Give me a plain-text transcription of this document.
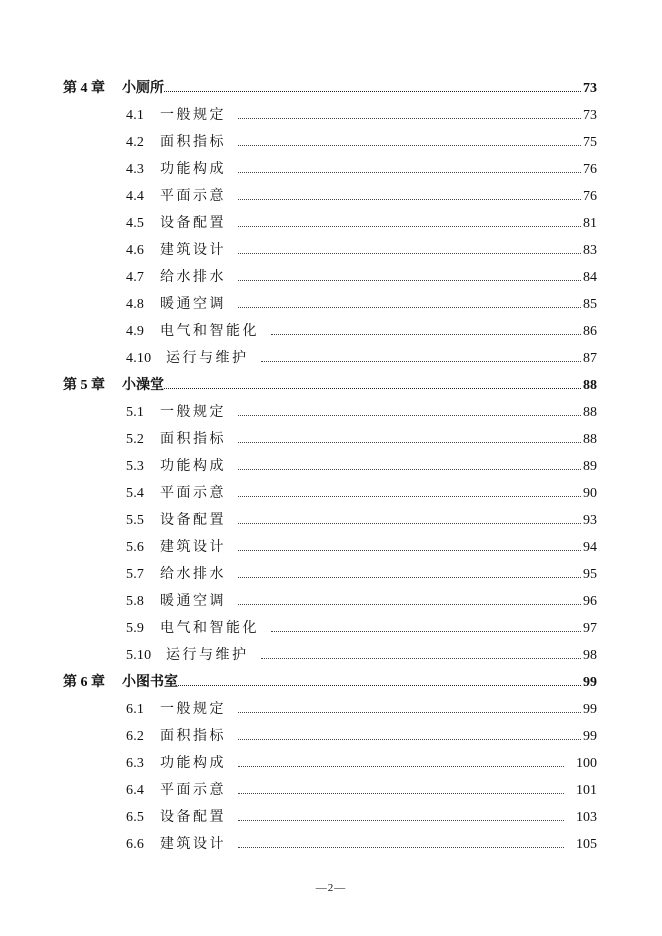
第 4 章	小厕所	73
4.1	一般规定	73
4.2	面积指标	75
4.3	功能构成	76
4.4	平面示意	76
4.5	设备配置	81
4.6	建筑设计	83
4.7	给水排水	84
4.8	暖通空调	85
4.9	电气和智能化	86
4.10	运行与维护	87
第 5 章	小澡堂	88
5.1	一般规定	88
5.2	面积指标	88
5.3	功能构成	89
5.4	平面示意	90
5.5	设备配置	93
5.6	建筑设计	94
5.7	给水排水	95
5.8	暖通空调	96
5.9	电气和智能化	97
5.10	运行与维护	98
第 6 章	小图书室	99
6.1	一般规定	99
6.2	面积指标	99
6.3	功能构成	100
6.4	平面示意	101
6.5	设备配置	103
6.6	建筑设计	105
—2—
